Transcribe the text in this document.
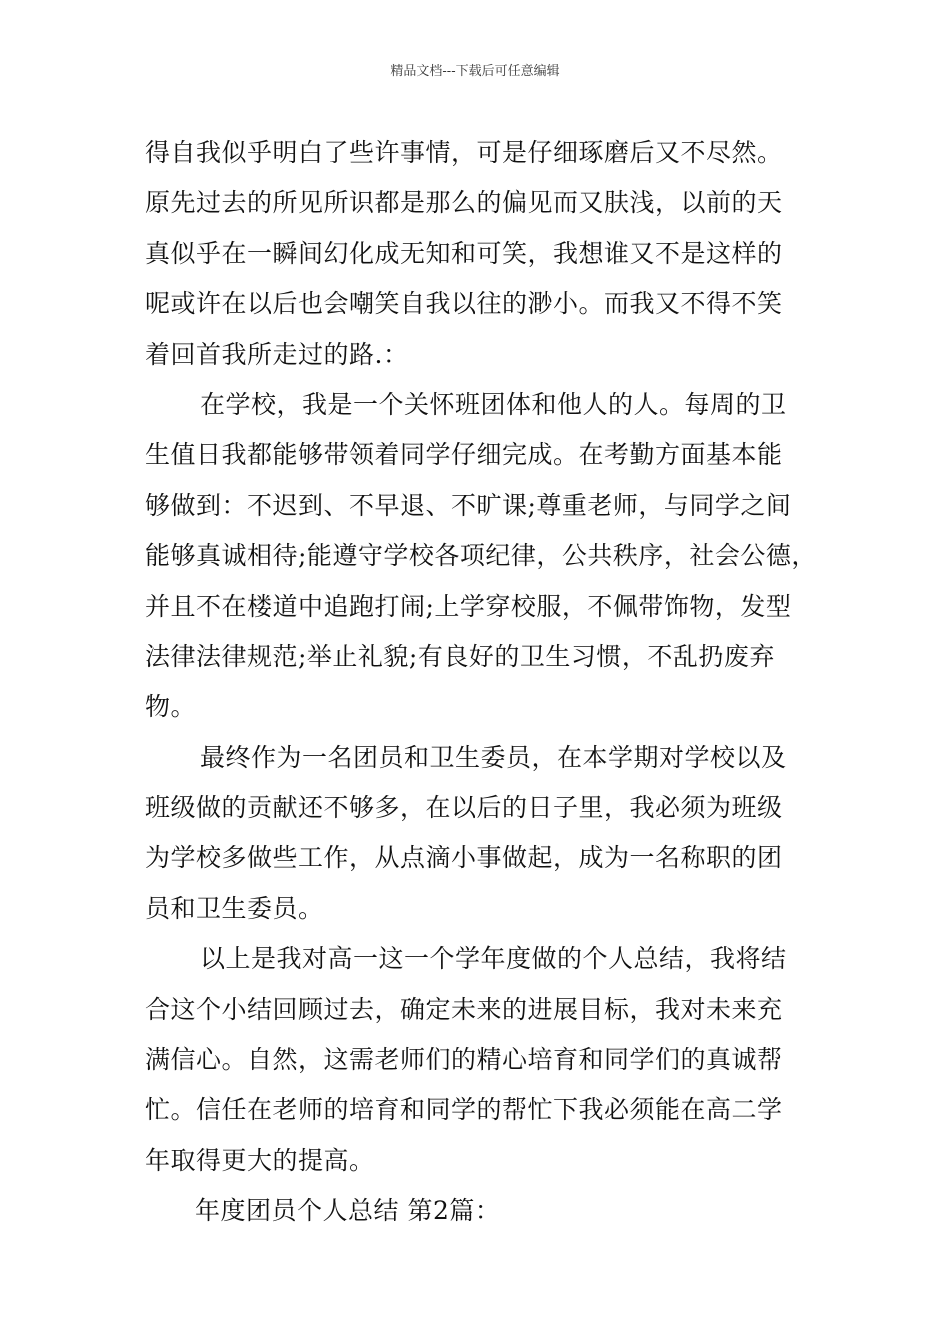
精品文档---下载后可任意编辑
得自我似乎明白了些许事情，可是仔细琢磨后又不尽然。
原先过去的所见所识都是那么的偏见而又肤浅，以前的天
真似乎在一瞬间幻化成无知和可笑，我想谁又不是这样的
呢或许在以后也会嘲笑自我以往的渺小。而我又不得不笑
着回首我所走过的路.：
在学校，我是一个关怀班团体和他人的人。每周的卫
生值日我都能够带领着同学仔细完成。在考勤方面基本能
够做到：不迟到、不早退、不旷课;尊重老师，与同学之间
能够真诚相待;能遵守学校各项纪律，公共秩序，社会公德，
并且不在楼道中追跑打闹;上学穿校服，不佩带饰物，发型
法律法律规范;举止礼貌;有良好的卫生习惯，不乱扔废弃
物。
最终作为一名团员和卫生委员，在本学期对学校以及
班级做的贡献还不够多，在以后的日子里，我必须为班级
为学校多做些工作，从点滴小事做起，成为一名称职的团
员和卫生委员。
以上是我对高一这一个学年度做的个人总结，我将结
合这个小结回顾过去，确定未来的进展目标，我对未来充
满信心。自然，这需老师们的精心培育和同学们的真诚帮
忙。信任在老师的培育和同学的帮忙下我必须能在高二学
年取得更大的提高。
年度团员个人总结 第2篇：
